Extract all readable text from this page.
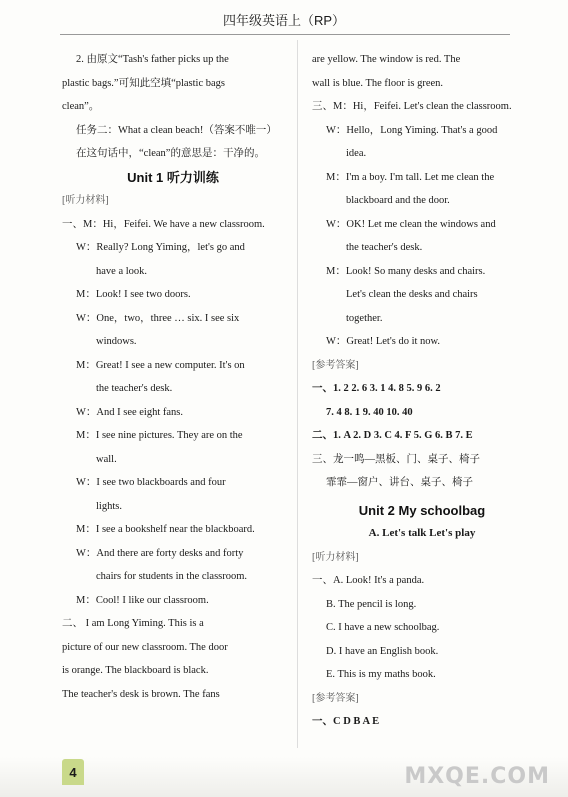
四年级英语上（RP）

2. 由原文“Tash's father picks up the

plastic bags.”可知此空填“plastic bags

clean”。

任务二：What a clean beach!（答案不唯一）

在这句话中，“clean”的意思是：干净的。

Unit 1 听力训练

[听力材料]

一、M：Hi，Feifei. We have a new classroom.

W：Really? Long Yiming，let's go and

have a look.

M：Look! I see two doors.

W：One，two，three … six. I see six

windows.

M：Great! I see a new computer. It's on

the teacher's desk.

W：And I see eight fans.

M：I see nine pictures. They are on the

wall.

W：I see two blackboards and four

lights.

M：I see a bookshelf near the blackboard.

W：And there are forty desks and forty

chairs for students in the classroom.

M：Cool! I like our classroom.

二、 I am Long Yiming. This is a

picture of our new classroom. The door

is orange. The blackboard is black.

The teacher's desk is brown. The fans

are yellow. The window is red. The

wall is blue. The floor is green.

三、M：Hi，Feifei. Let's clean the classroom.

W：Hello，Long Yiming. That's a good

idea.

M：I'm a boy. I'm tall. Let me clean the

blackboard and the door.

W：OK! Let me clean the windows and

the teacher's desk.

M：Look! So many desks and chairs.

Let's clean the desks and chairs

together.

W：Great! Let's do it now.

[参考答案]

一、1. 2 2. 6 3. 1 4. 8 5. 9 6. 2

7. 4 8. 1 9. 40 10. 40

二、1. A 2. D 3. C 4. F 5. G 6. B 7. E

三、龙一鸣—黑板、门、桌子、椅子

霏霏—窗户、讲台、桌子、椅子

Unit 2 My schoolbag

A. Let's talk Let's play

[听力材料]

一、A. Look! It's a panda.

B. The pencil is long.

C. I have a new schoolbag.

D. I have an English book.

E. This is my maths book.

[参考答案]

一、C D B A E

4	MXQE.COM
